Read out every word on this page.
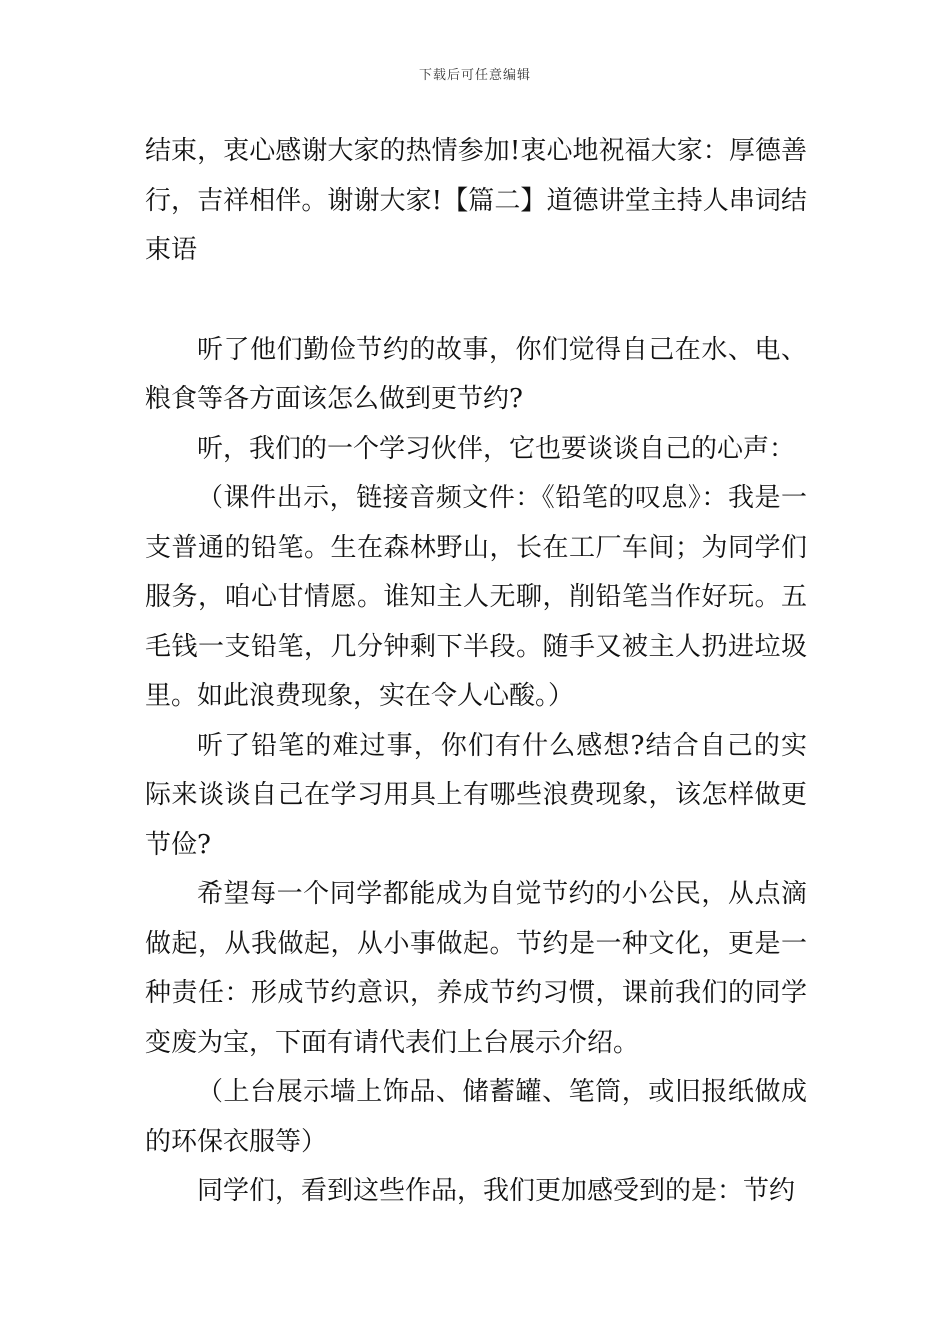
下载后可任意编辑

结束，衷心感谢大家的热情参加!衷心地祝福大家：厚德善行，吉祥相伴。谢谢大家!【篇二】道德讲堂主持人串词结束语

听了他们勤俭节约的故事，你们觉得自己在水、电、粮食等各方面该怎么做到更节约?

听，我们的一个学习伙伴，它也要谈谈自己的心声：

（课件出示，链接音频文件：《铅笔的叹息》：我是一支普通的铅笔。生在森林野山，长在工厂车间；为同学们服务，咱心甘情愿。谁知主人无聊，削铅笔当作好玩。五毛钱一支铅笔，几分钟剩下半段。随手又被主人扔进垃圾里。如此浪费现象，实在令人心酸。）

听了铅笔的难过事，你们有什么感想?结合自己的实际来谈谈自己在学习用具上有哪些浪费现象，该怎样做更节俭?

希望每一个同学都能成为自觉节约的小公民，从点滴做起，从我做起，从小事做起。节约是一种文化，更是一种责任：形成节约意识，养成节约习惯，课前我们的同学变废为宝，下面有请代表们上台展示介绍。

（上台展示墙上饰品、储蓄罐、笔筒，或旧报纸做成的环保衣服等）

同学们，看到这些作品，我们更加感受到的是：节约
